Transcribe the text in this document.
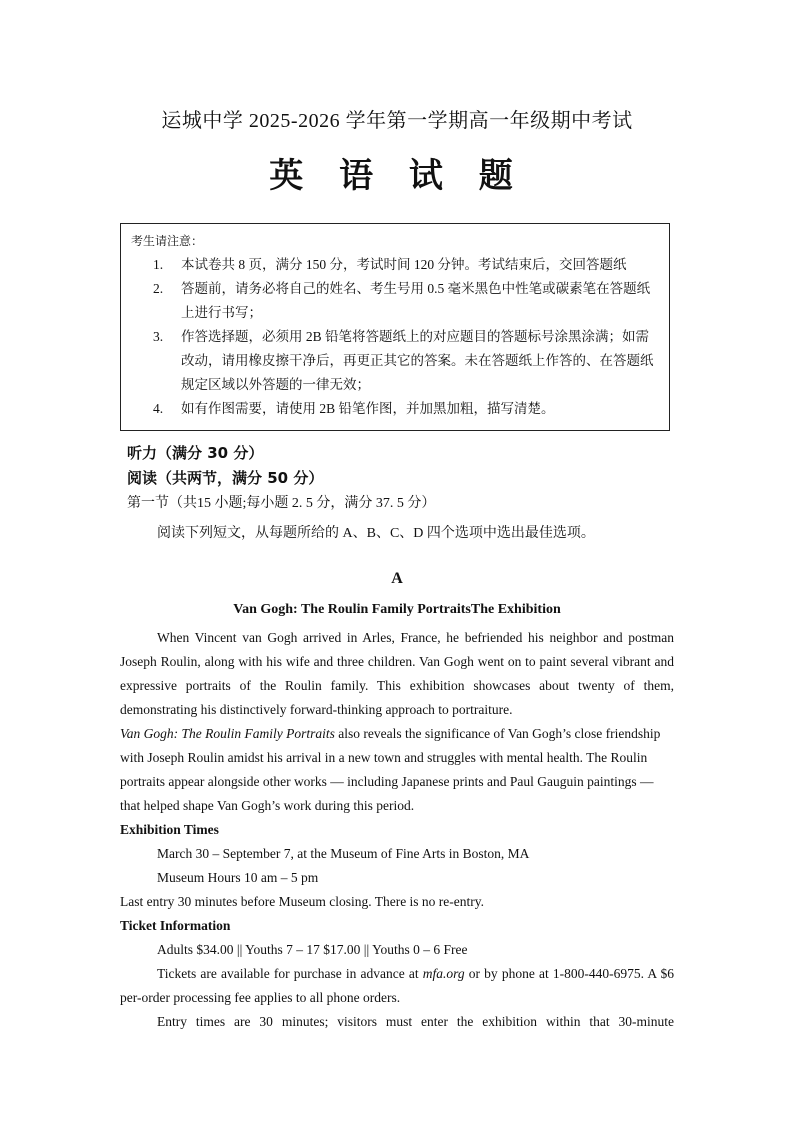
运城中学 2025-2026 学年第一学期高一年级期中考试
英 语 试 题
考生请注意：
1.	本试卷共 8 页，满分 150 分，考试时间 120 分钟。考试结束后，交回答题纸
2.	答题前，请务必将自己的姓名、考生号用 0.5 毫米黑色中性笔或碳素笔在答题纸上进行书写；
3.	作答选择题，必须用 2B 铅笔将答题纸上的对应题目的答题标号涂黑涂满；如需改动，请用橡皮擦干净后，再更正其它的答案。未在答题纸上作答的、在答题纸规定区域以外答题的一律无效；
4.	如有作图需要，请使用 2B 铅笔作图，并加黑加粗，描写清楚。
听力（满分 30 分）
阅读（共两节，满分 50 分）
第一节（共15 小题;每小题 2. 5 分，满分 37. 5 分）
阅读下列短文，从每题所给的 A、B、C、D 四个选项中选出最佳选项。
A
Van Gogh: The Roulin Family PortraitsThe Exhibition

When Vincent van Gogh arrived in Arles, France, he befriended his neighbor and postman Joseph Roulin, along with his wife and three children. Van Gogh went on to paint several vibrant and expressive portraits of the Roulin family. This exhibition showcases about twenty of them, demonstrating his distinctively forward-thinking approach to portraiture.

Van Gogh: The Roulin Family Portraits also reveals the significance of Van Gogh’s close friendship with Joseph Roulin amidst his arrival in a new town and struggles with mental health. The Roulin portraits appear alongside other works — including Japanese prints and Paul Gauguin paintings — that helped shape Van Gogh’s work during this period.

Exhibition Times

March 30 – September 7, at the Museum of Fine Arts in Boston, MA

Museum Hours 10 am – 5 pm

Last entry 30 minutes before Museum closing. There is no re-entry.

Ticket Information

Adults $34.00 || Youths 7 – 17 $17.00 || Youths 0 – 6 Free

Tickets are available for purchase in advance at mfa.org or by phone at 1-800-440-6975. A $6 per-order processing fee applies to all phone orders.

Entry times are 30 minutes; visitors must enter the exhibition within that 30-minute
